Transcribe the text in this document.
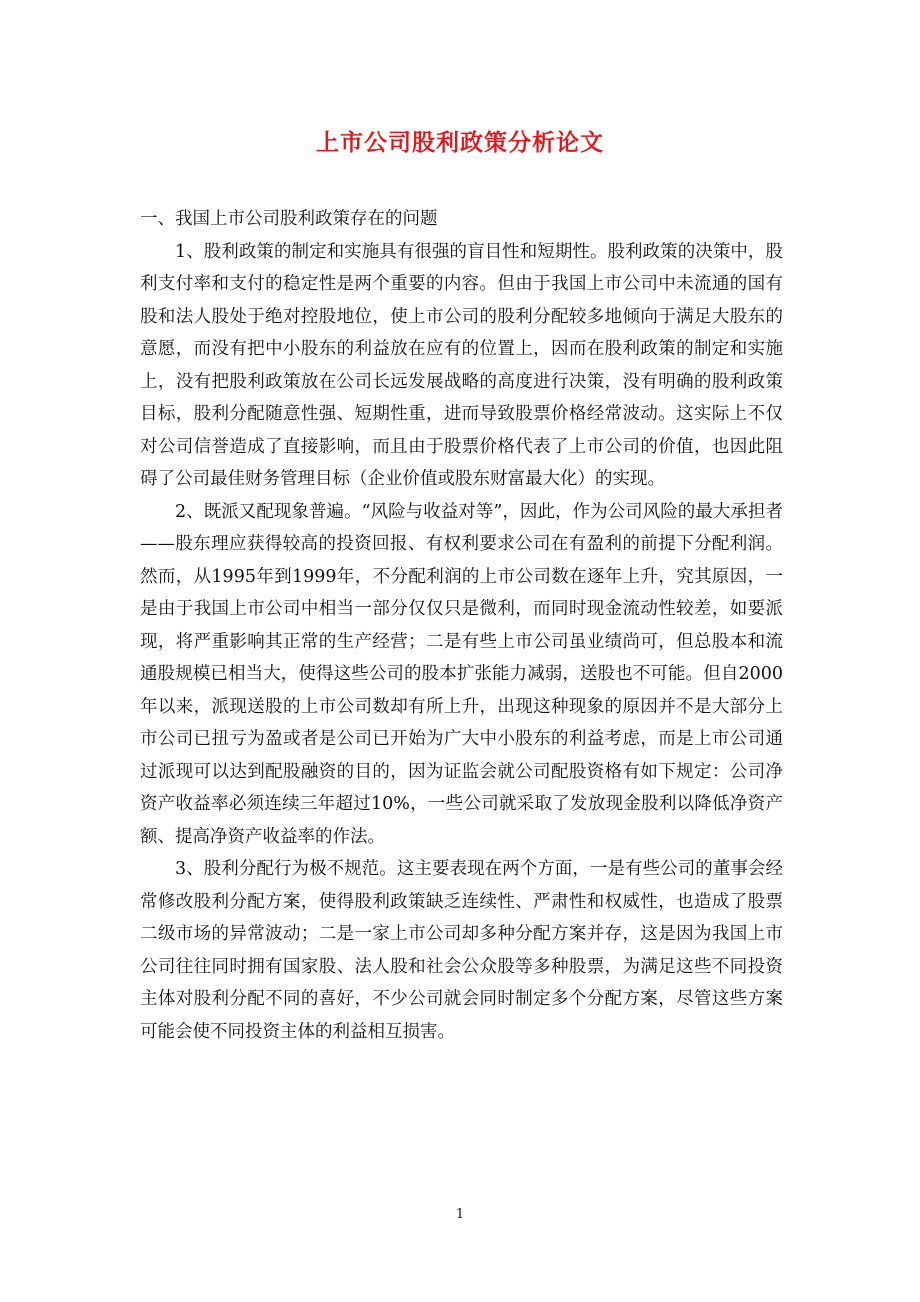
上市公司股利政策分析论文

一、我国上市公司股利政策存在的问题

1、股利政策的制定和实施具有很强的盲目性和短期性。股利政策的决策中，股利支付率和支付的稳定性是两个重要的内容。但由于我国上市公司中未流通的国有股和法人股处于绝对控股地位，使上市公司的股利分配较多地倾向于满足大股东的意愿，而没有把中小股东的利益放在应有的位置上，因而在股利政策的制定和实施上，没有把股利政策放在公司长远发展战略的高度进行决策，没有明确的股利政策目标，股利分配随意性强、短期性重，进而导致股票价格经常波动。这实际上不仅对公司信誉造成了直接影响，而且由于股票价格代表了上市公司的价值，也因此阻碍了公司最佳财务管理目标（企业价值或股东财富最大化）的实现。

2、既派又配现象普遍。“风险与收益对等”，因此，作为公司风险的最大承担者——股东理应获得较高的投资回报、有权利要求公司在有盈利的前提下分配利润。然而，从1995年到1999年，不分配利润的上市公司数在逐年上升，究其原因，一是由于我国上市公司中相当一部分仅仅只是微利，而同时现金流动性较差，如要派现，将严重影响其正常的生产经营；二是有些上市公司虽业绩尚可，但总股本和流通股规模已相当大，使得这些公司的股本扩张能力减弱，送股也不可能。但自2000年以来，派现送股的上市公司数却有所上升，出现这种现象的原因并不是大部分上市公司已扭亏为盈或者是公司已开始为广大中小股东的利益考虑，而是上市公司通过派现可以达到配股融资的目的，因为证监会就公司配股资格有如下规定：公司净资产收益率必须连续三年超过10%，一些公司就采取了发放现金股利以降低净资产额、提高净资产收益率的作法。

3、股利分配行为极不规范。这主要表现在两个方面，一是有些公司的董事会经常修改股利分配方案，使得股利政策缺乏连续性、严肃性和权威性，也造成了股票二级市场的异常波动；二是一家上市公司却多种分配方案并存，这是因为我国上市公司往往同时拥有国家股、法人股和社会公众股等多种股票，为满足这些不同投资主体对股利分配不同的喜好，不少公司就会同时制定多个分配方案，尽管这些方案可能会使不同投资主体的利益相互损害。

1
